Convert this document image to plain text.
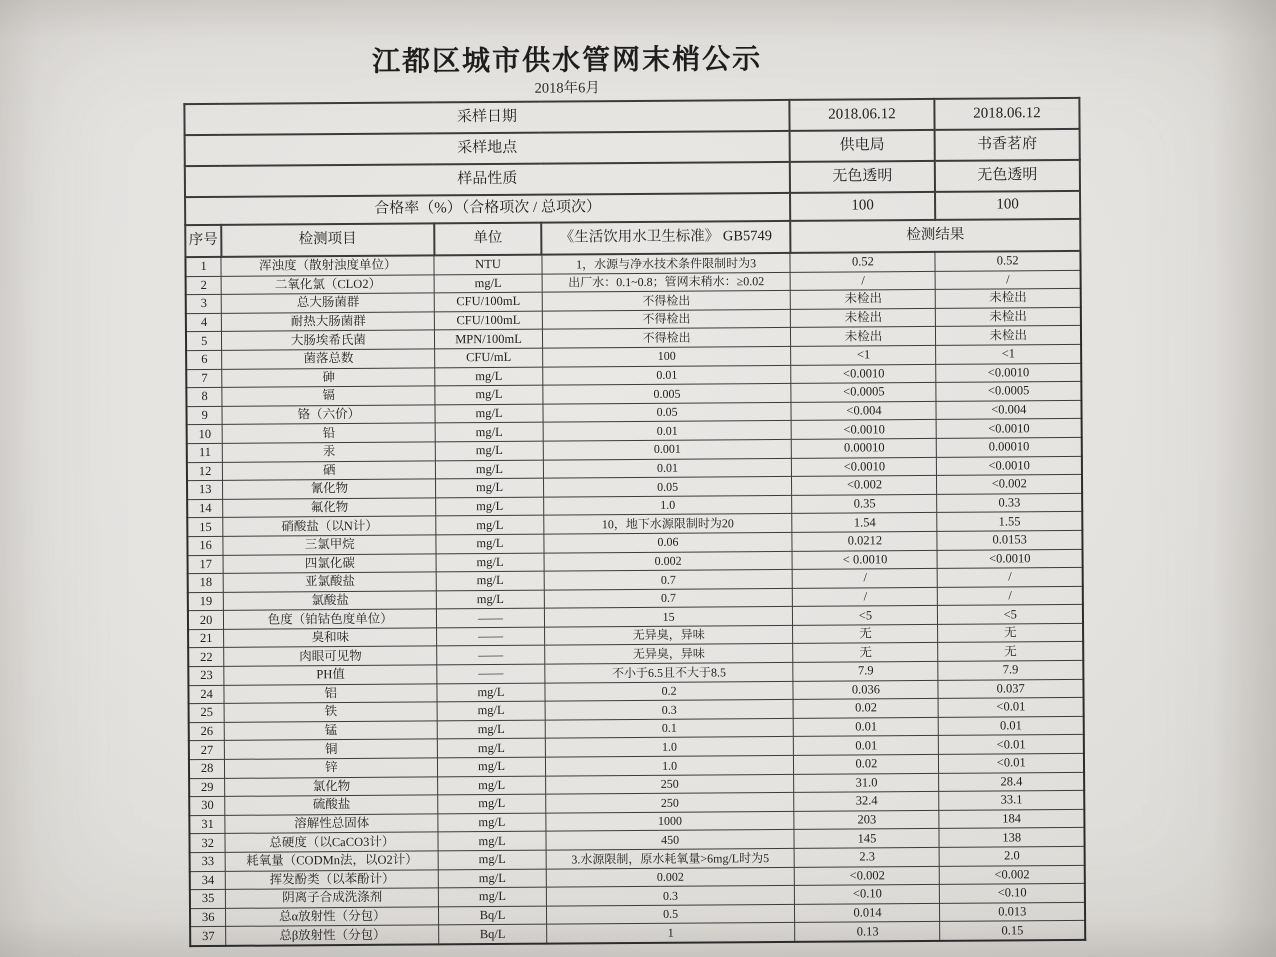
江都区城市供水管网末梢公示
2018年6月
采样日期				2018.06.12	2018.06.12
采样地点				供电局	书香茗府
样品性质				无色透明	无色透明
合格率（%）（合格项次 / 总项次）				100	100
序号	检测项目	单位	《生活饮用水卫生标准》 GB5749	检测结果	
1	浑浊度（散射浊度单位）	NTU	1，水源与净水技术条件限制时为3	0.52	0.52
2	二氧化氯（CLO2）	mg/L	出厂水：0.1~0.8；管网末稍水：≥0.02	/	/
3	总大肠菌群	CFU/100mL	不得检出	未检出	未检出
4	耐热大肠菌群	CFU/100mL	不得检出	未检出	未检出
5	大肠埃希氏菌	MPN/100mL	不得检出	未检出	未检出
6	菌落总数	CFU/mL	100	<1	<1
7	砷	mg/L	0.01	<0.0010	<0.0010
8	镉	mg/L	0.005	<0.0005	<0.0005
9	铬（六价）	mg/L	0.05	<0.004	<0.004
10	铅	mg/L	0.01	<0.0010	<0.0010
11	汞	mg/L	0.001	0.00010	0.00010
12	硒	mg/L	0.01	<0.0010	<0.0010
13	氰化物	mg/L	0.05	<0.002	<0.002
14	氟化物	mg/L	1.0	0.35	0.33
15	硝酸盐（以N计）	mg/L	10，地下水源限制时为20	1.54	1.55
16	三氯甲烷	mg/L	0.06	0.0212	0.0153
17	四氯化碳	mg/L	0.002	< 0.0010	<0.0010
18	亚氯酸盐	mg/L	0.7	/	/
19	氯酸盐	mg/L	0.7	/	/
20	色度（铂钴色度单位）	——	15	<5	<5
21	臭和味	——	无异臭，异味	无	无
22	肉眼可见物	——	无异臭，异味	无	无
23	PH值	——	不小于6.5且不大于8.5	7.9	7.9
24	铝	mg/L	0.2	0.036	0.037
25	铁	mg/L	0.3	0.02	<0.01
26	锰	mg/L	0.1	0.01	0.01
27	铜	mg/L	1.0	0.01	<0.01
28	锌	mg/L	1.0	0.02	<0.01
29	氯化物	mg/L	250	31.0	28.4
30	硫酸盐	mg/L	250	32.4	33.1
31	溶解性总固体	mg/L	1000	203	184
32	总硬度（以CaCO3计）	mg/L	450	145	138
33	耗氧量（CODMn法，以O2计）	mg/L	3.水源限制，原水耗氧量>6mg/L时为5	2.3	2.0
34	挥发酚类（以苯酚计）	mg/L	0.002	<0.002	<0.002
35	阴离子合成洗涤剂	mg/L	0.3	<0.10	<0.10
36	总α放射性（分包）	Bq/L	0.5	0.014	0.013
37	总β放射性（分包）	Bq/L	1	0.13	0.15
